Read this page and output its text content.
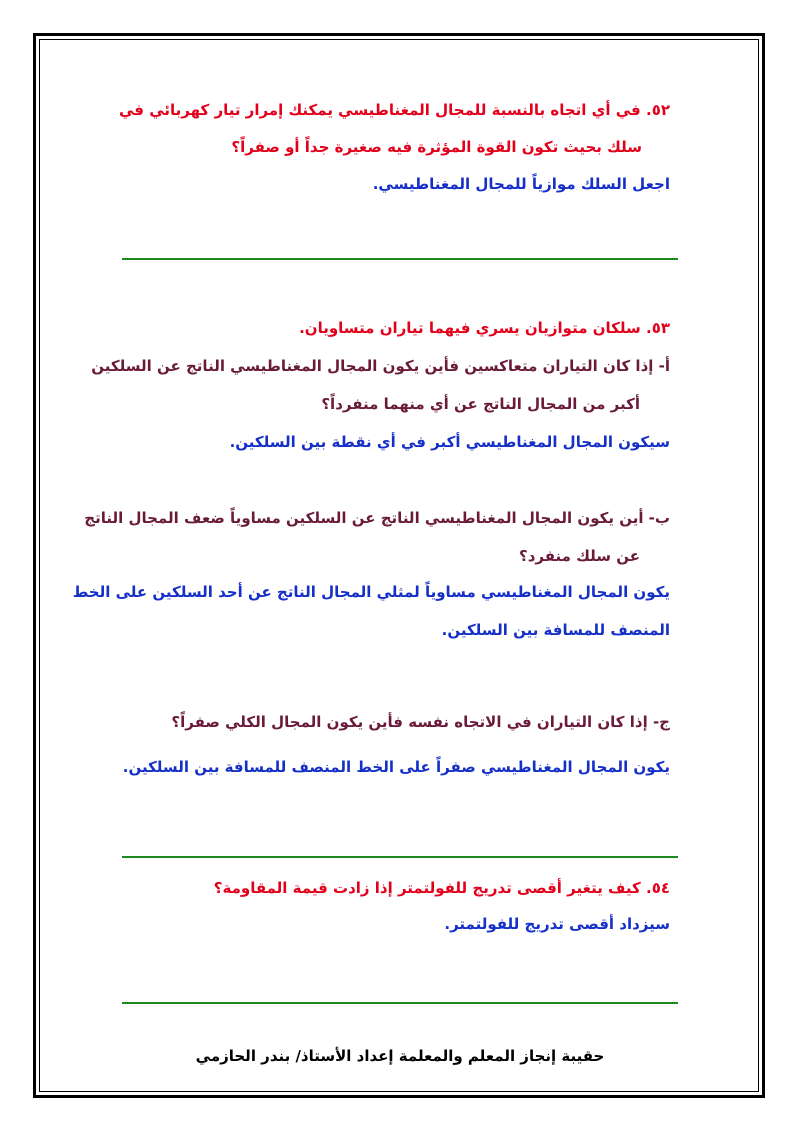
٥٢. في أي اتجاه بالنسبة للمجال المغناطيسي يمكنك إمرار تيار كهربائي في
سلك بحيث تكون القوة المؤثرة فيه صغيرة جداً أو صفراً؟
اجعل السلك موازياً للمجال المغناطيسي.
٥٣. سلكان متوازيان يسري فيهما تياران متساويان.
أ- إذا كان التياران متعاكسين فأين يكون المجال المغناطيسي الناتج عن السلكين
أكبر من المجال الناتج عن أي منهما منفرداً؟
سيكون المجال المغناطيسي أكبر في أي نقطة بين السلكين.
ب- أين يكون المجال المغناطيسي الناتج عن السلكين مساوياً ضعف المجال الناتج
عن سلك منفرد؟
يكون المجال المغناطيسي مساوياً لمثلي المجال الناتج عن أحد السلكين على الخط
المنصف للمسافة بين السلكين.
ج- إذا كان التياران في الاتجاه نفسه فأين يكون المجال الكلي صفراً؟
يكون المجال المغناطيسي صفراً على الخط المنصف للمسافة بين السلكين.
٥٤. كيف يتغير أقصى تدريج للفولتمتر إذا زادت قيمة المقاومة؟
سيزداد أقصى تدريج للفولتمتر.
حقيبة إنجاز المعلم والمعلمة إعداد الأستاذ/ بندر الحازمي
